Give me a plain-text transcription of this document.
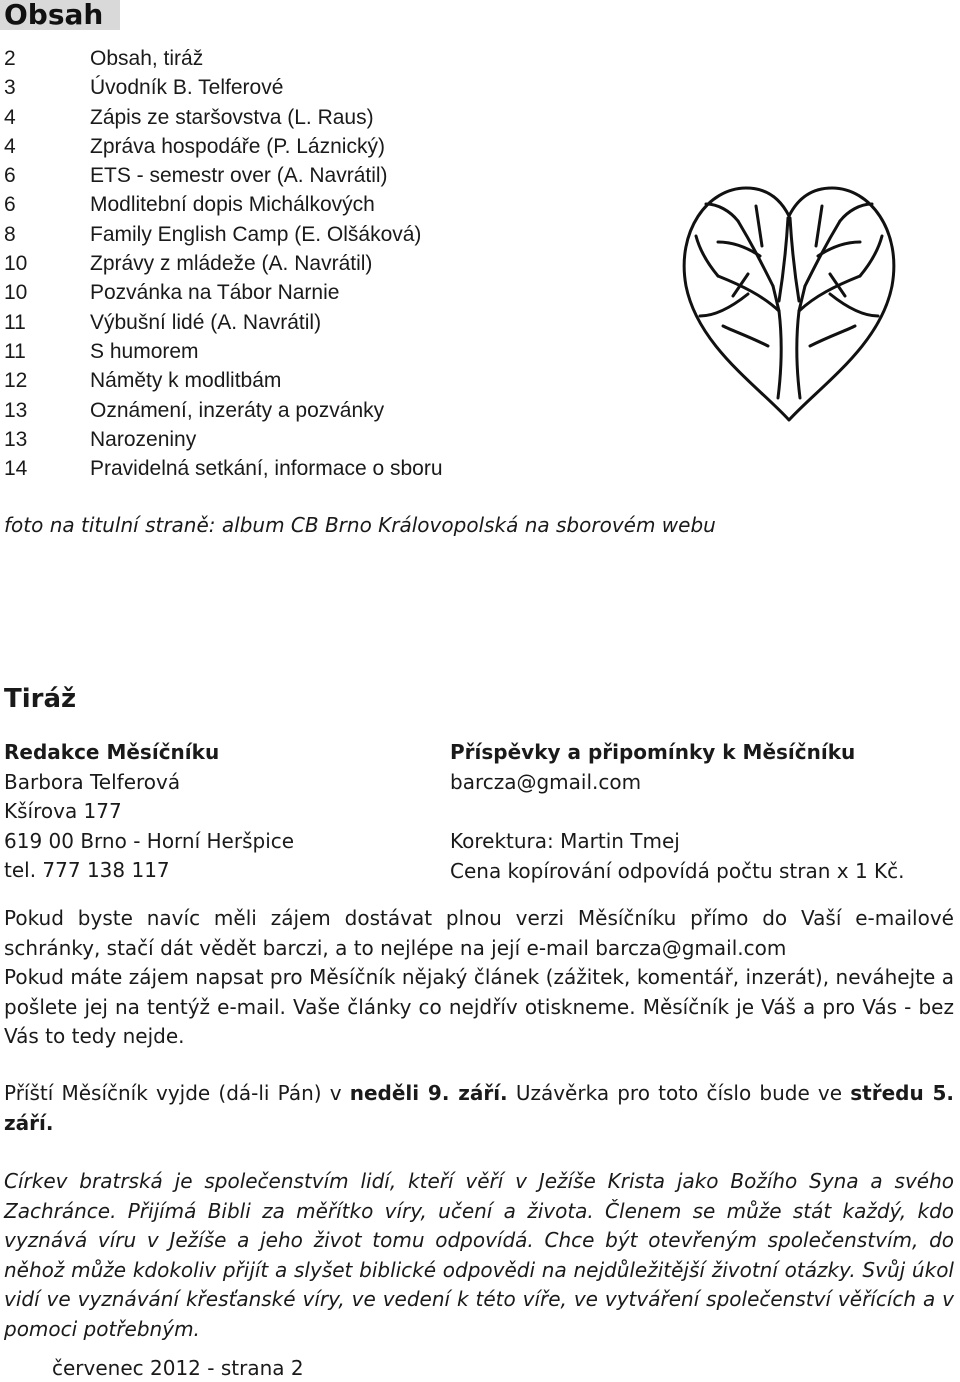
Obsah
2	Obsah, tiráž
3	Úvodník B. Telferové
4	Zápis ze staršovstva (L. Raus)
4	Zpráva hospodáře (P. Láznický)
6	ETS - semestr over (A. Navrátil)
6	Modlitební dopis Michálkových
8	Family English Camp (E. Olšáková)
10	Zprávy z mládeže (A. Navrátil)
10	Pozvánka na Tábor Narnie
11	Výbušní lidé (A. Navrátil)
11	S humorem
12	Náměty k modlitbám
13	Oznámení, inzeráty a pozvánky
13	Narozeniny
14	Pravidelná setkání, informace o sboru

foto na titulní straně: album CB Brno Královopolská na sborovém webu

Tiráž
Redakce Měsíčníku
Barbora Telferová
Kšírova 177
619 00 Brno - Horní Heršpice
tel. 777 138 117
Příspěvky a připomínky k Měsíčníku
barcza@gmail.com
Korektura: Martin Tmej
Cena kopírování odpovídá počtu stran x 1 Kč.

Pokud byste navíc měli zájem dostávat plnou verzi Měsíčníku přímo do Vaší e-mailové schránky, stačí dát vědět barczi, a to nejlépe na její e-mail barcza@gmail.com
Pokud máte zájem napsat pro Měsíčník nějaký článek (zážitek, komentář, inzerát), neváhejte a pošlete jej na tentýž e-mail. Vaše články co nejdřív otiskneme. Měsíčník je Váš a pro Vás - bez Vás to tedy nejde.

Příští Měsíčník vyjde (dá-li Pán) v neděli 9. září. Uzávěrka pro toto číslo bude ve středu 5. září.

Církev bratrská je společenstvím lidí, kteří věří v Ježíše Krista jako Božího Syna a svého Zachránce. Přijímá Bibli za měřítko víry, učení a života. Členem se může stát každý, kdo vyznává víru v Ježíše a jeho život tomu odpovídá. Chce být otevřeným společenstvím, do něhož může kdokoliv přijít a slyšet biblické odpovědi na nejdůležitější životní otázky. Svůj úkol vidí ve vyznávání křesťanské víry, ve vedení k této víře, ve vytváření společenství věřících a v pomoci potřebným.

červenec 2012 - strana 2
